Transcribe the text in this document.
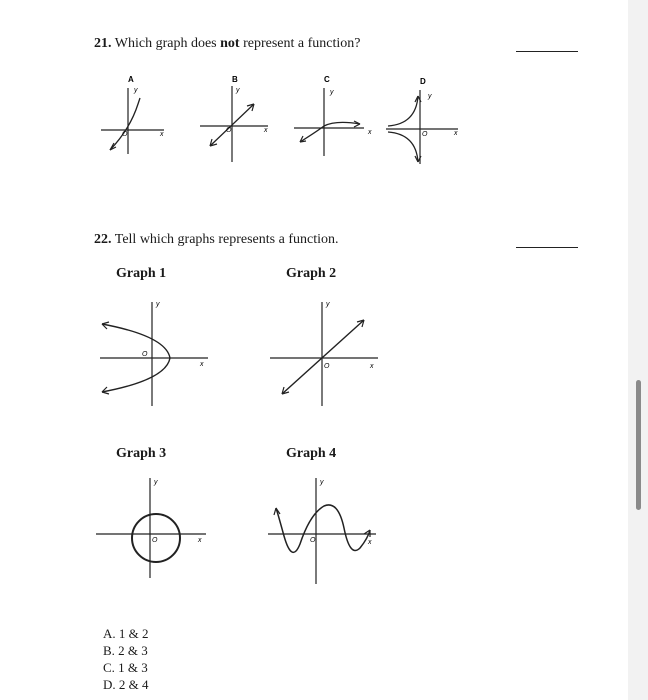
21. Which graph does not represent a function?
A
y
x
O
B
y
x
O
C
y
x
D
y
x
O
22. Tell which graphs represents a function.
Graph 1	Graph 2
Graph 3	Graph 4
y
x
O
y
x
O
y
x
O
y
x
O
A. 1 & 2
B. 2 & 3
C. 1 & 3
D. 2 & 4
